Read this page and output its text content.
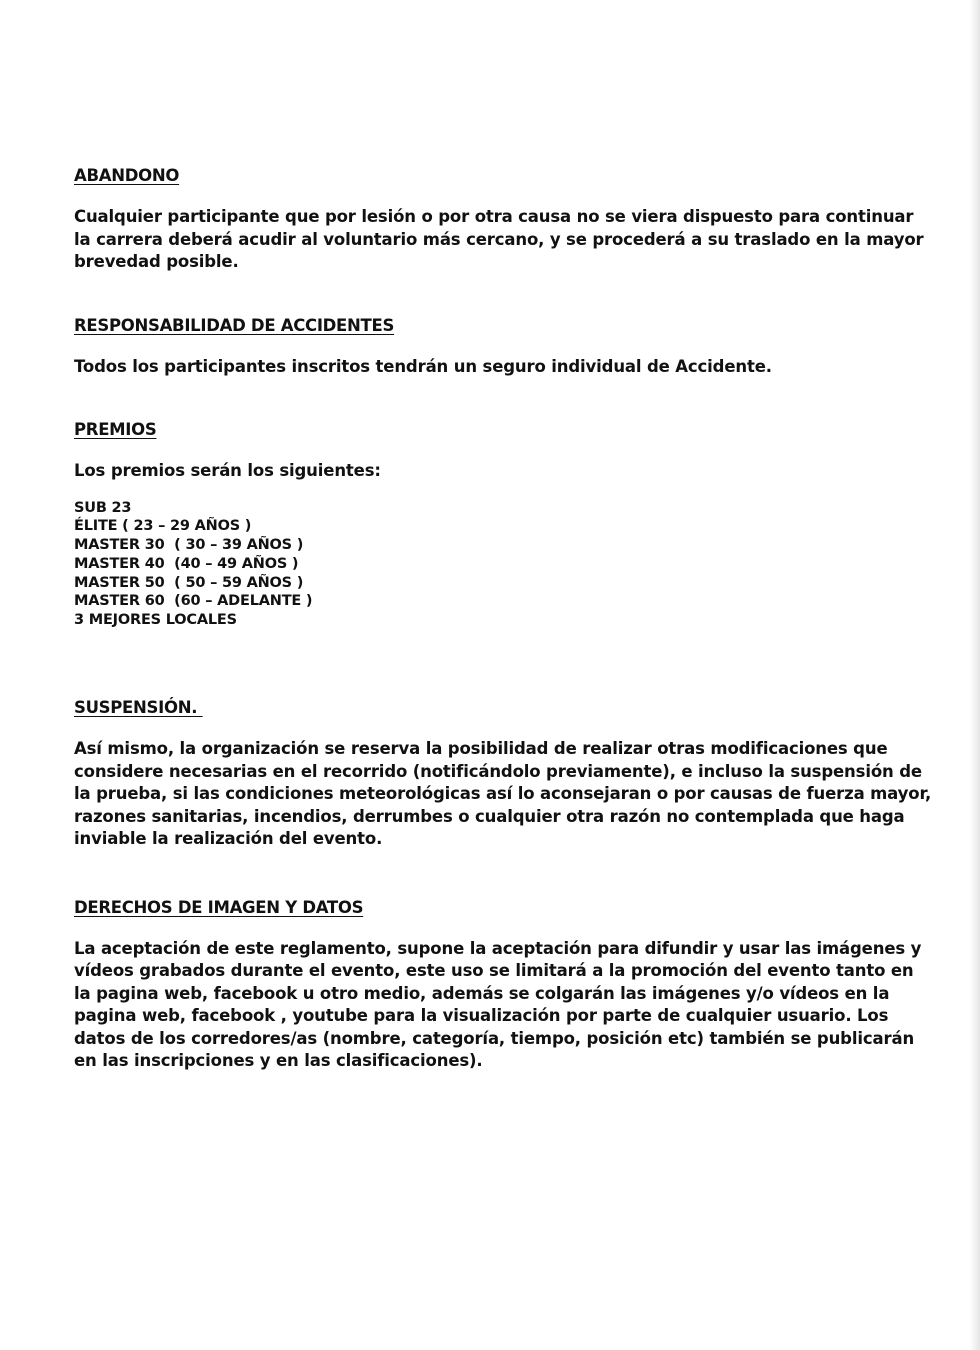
ABANDONO

Cualquier participante que por lesión o por otra causa no se viera dispuesto para continuar la carrera deberá acudir al voluntario más cercano, y se procederá a su traslado en la mayor brevedad posible.

RESPONSABILIDAD DE ACCIDENTES

Todos los participantes inscritos tendrán un seguro individual de Accidente.

PREMIOS

Los premios serán los siguientes:

SUB 23
ÉLITE ( 23 – 29 AÑOS )
MASTER 30  ( 30 – 39 AÑOS )
MASTER 40  (40 – 49 AÑOS )
MASTER 50  ( 50 – 59 AÑOS )
MASTER 60  (60 – ADELANTE )
3 MEJORES LOCALES
SUSPENSIÓN.

Así mismo, la organización se reserva la posibilidad de realizar otras modificaciones que considere necesarias en el recorrido (notificándolo previamente), e incluso la suspensión de la prueba, si las condiciones meteorológicas así lo aconsejaran o por causas de fuerza mayor, razones sanitarias, incendios, derrumbes o cualquier otra razón no contemplada que haga inviable la realización del evento.

DERECHOS DE IMAGEN Y DATOS

La aceptación de este reglamento, supone la aceptación para difundir y usar las imágenes y vídeos grabados durante el evento, este uso se limitará a la promoción del evento tanto en la pagina web, facebook u otro medio, además se colgarán las imágenes y/o vídeos en la pagina web, facebook , youtube para la visualización por parte de cualquier usuario. Los datos de los corredores/as (nombre, categoría, tiempo, posición etc) también se publicarán en las inscripciones y en las clasificaciones).
